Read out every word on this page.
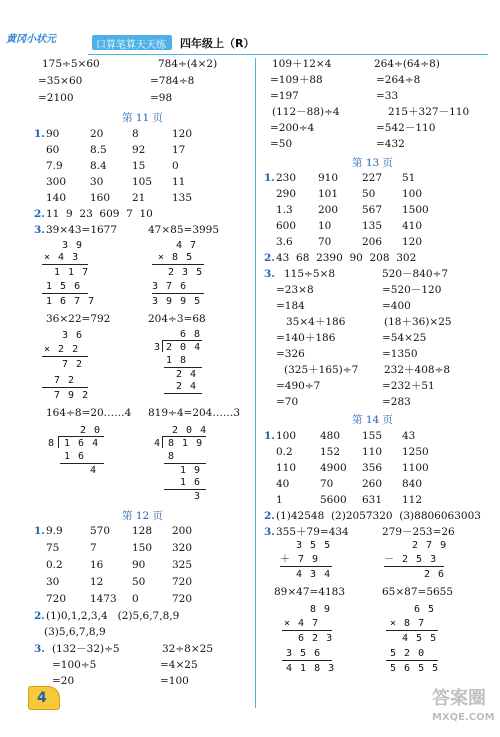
黄冈小状元
口算笔算天天练 四年级上（R）
175÷5×60	784÷(4×2)
=35×60	=784÷8
=2100	=98
第 11 页
1. 90	20	8	120
60	8.5 92	17
7.9	8.4 15	0
300 30	105 11
140 160 21	135
2. 11  9  23  609  7  10
3. 39×43=1677	47×85=3995
3 9
× 4 3
1 1 7
1 5 6
1 6 7 7
4 7
× 8 5
2 3 5
3 7 6
3 9 9 5
36×22=792	204÷3=68
3 6
× 2 2
7 2
7 2
7 9 2
6 8
3 2 0 4
1 8
2 4
2 4
164÷8=20……4 819÷4=204……3
2 0
8 1 6 4
1 6
4
2 0 4
4 8 1 9
8
1 9
1 6
3
第 12 页
1. 9.9	570 128 200
75	7	150 320
0.2	16	90	325
30	12	50	720
720 1473 0	720
2. (1)0,1,2,3,4   (2)5,6,7,8,9
(3)5,6,7,8,9
3. (132－32)÷5
=100÷5
=20
32÷8×25
=4×25
=100
4
109＋12×4	264÷(64÷8)
=109＋88	=264÷8
=197	=33
(112－88)÷4	215＋327－110
=200÷4	=542－110
=50	=432
第 13 页
1. 230 910 227 51
290 101 50	100
1.3 200 567 1500
600 10	135 410
3.6 70	206 120
2. 43  68  2390  90  208  302
3. 115÷5×8	520－840÷7
=23×8	=520－120
=184	=400
35×4＋186	(18＋36)×25
=140＋186	=54×25
=326	=1350
(325＋165)÷7 232＋408÷8
=490÷7	=232＋51
=70	=283
第 14 页
1. 100 480 155 43
0.2	152 110 1250
110 4900 356 1100
40	70	260 840
1	5600 631 112
2. (1)42548  (2)2057320  (3)8806063003
3. 355＋79=434	279－253=26
3 5 5
＋ 7 9
4 3 4
2 7 9
－ 2 5 3
2 6
89×47=4183	65×87=5655
8 9
× 4 7
6 2 3
3 5 6
4 1 8 3
6 5
× 8 7
4 5 5
5 2 0
5 6 5 5
答案圈
MXQE.COM
